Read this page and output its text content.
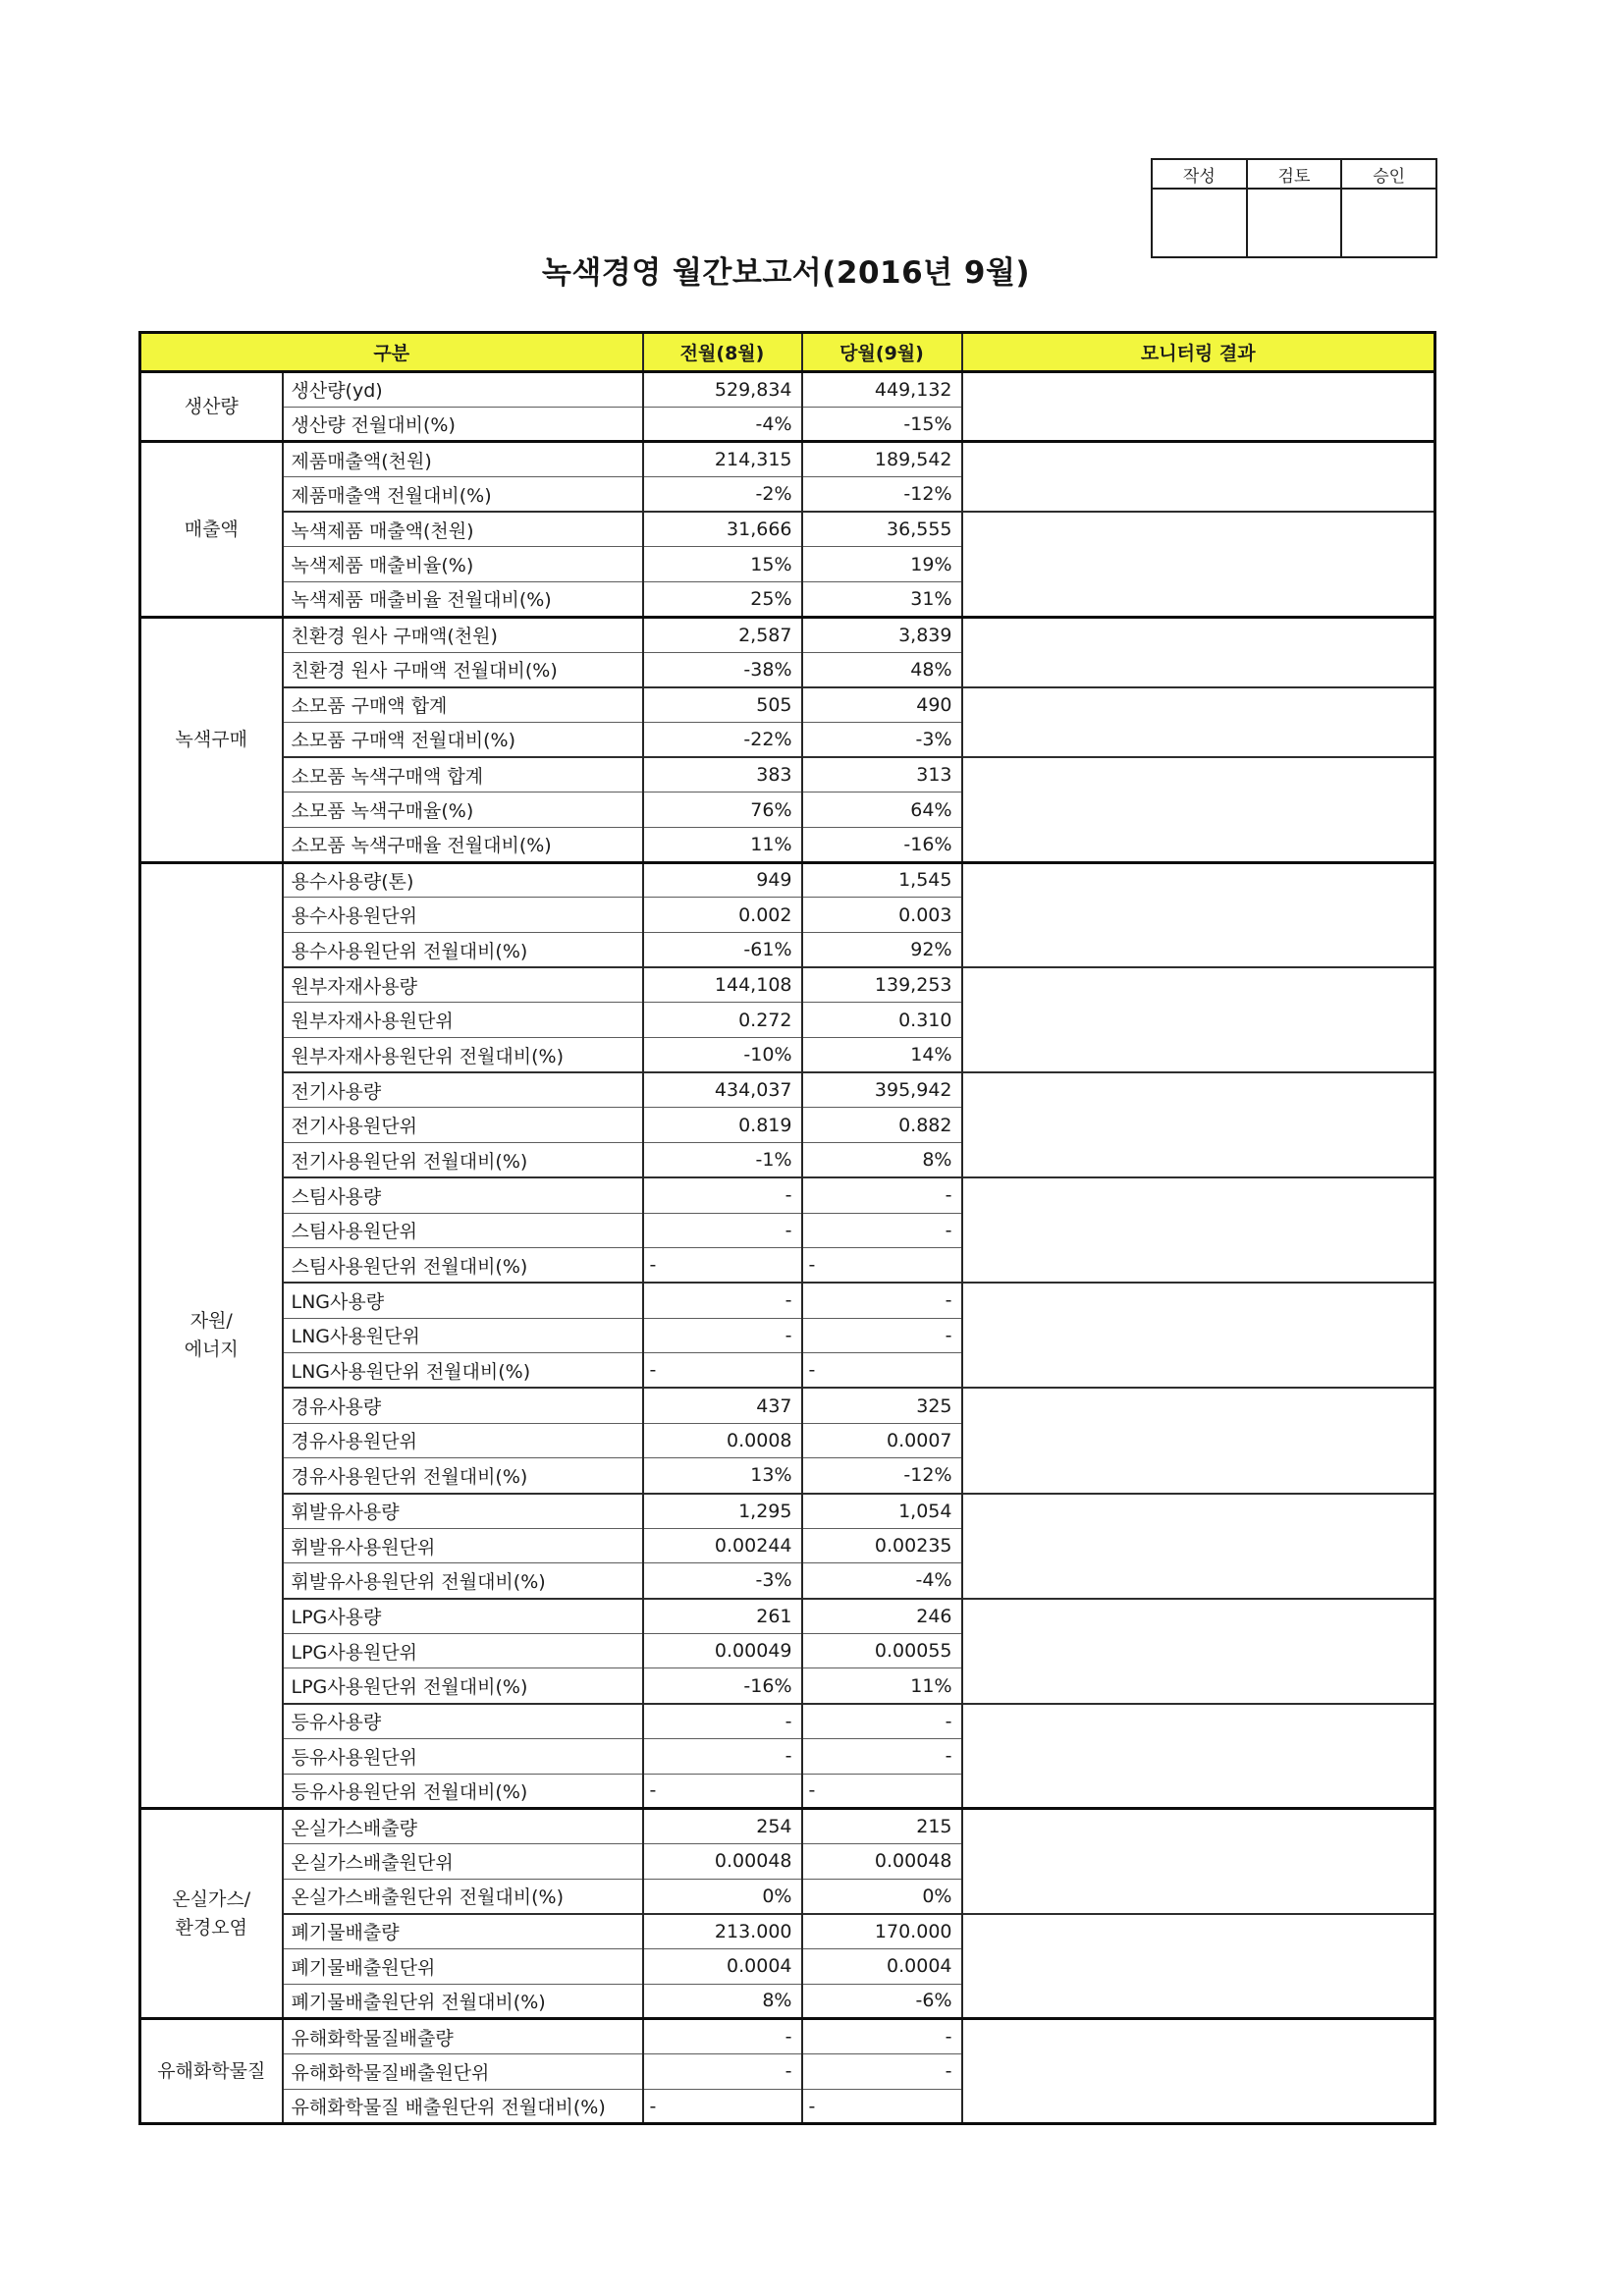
작성	검토	승인

녹색경영 월간보고서(2016년 9월)
구분		전월(8월)	당월(9월)	모니터링 결과
생산량	생산량(yd)	529,834	449,132	
	생산량 전월대비(%)	-4%	-15%	
매출액	제품매출액(천원)	214,315	189,542	
	제품매출액 전월대비(%)	-2%	-12%	
	녹색제품 매출액(천원)	31,666	36,555	
	녹색제품 매출비율(%)	15%	19%	
	녹색제품 매출비율 전월대비(%)	25%	31%	
녹색구매	친환경 원사 구매액(천원)	2,587	3,839	
	친환경 원사 구매액 전월대비(%)	-38%	48%	
	소모품 구매액 합계	505	490	
	소모품 구매액 전월대비(%)	-22%	-3%	
	소모품 녹색구매액 합계	383	313	
	소모품 녹색구매율(%)	76%	64%	
	소모품 녹색구매율 전월대비(%)	11%	-16%	
자원/
에너지	용수사용량(톤)	949	1,545	
	용수사용원단위	0.002	0.003	
	용수사용원단위 전월대비(%)	-61%	92%	
	원부자재사용량	144,108	139,253	
	원부자재사용원단위	0.272	0.310	
	원부자재사용원단위 전월대비(%)	-10%	14%	
	전기사용량	434,037	395,942	
	전기사용원단위	0.819	0.882	
	전기사용원단위 전월대비(%)	-1%	8%	
	스팀사용량	-	-	
	스팀사용원단위	-	-	
	스팀사용원단위 전월대비(%)	-	-	
	LNG사용량	-	-	
	LNG사용원단위	-	-	
	LNG사용원단위 전월대비(%)	-	-	
	경유사용량	437	325	
	경유사용원단위	0.0008	0.0007	
	경유사용원단위 전월대비(%)	13%	-12%	
	휘발유사용량	1,295	1,054	
	휘발유사용원단위	0.00244	0.00235	
	휘발유사용원단위 전월대비(%)	-3%	-4%	
	LPG사용량	261	246	
	LPG사용원단위	0.00049	0.00055	
	LPG사용원단위 전월대비(%)	-16%	11%	
	등유사용량	-	-	
	등유사용원단위	-	-	
	등유사용원단위 전월대비(%)	-	-	
온실가스/
환경오염	온실가스배출량	254	215	
	온실가스배출원단위	0.00048	0.00048	
	온실가스배출원단위 전월대비(%)	0%	0%	
	폐기물배출량	213.000	170.000	
	폐기물배출원단위	0.0004	0.0004	
	폐기물배출원단위 전월대비(%)	8%	-6%	
유해화학물질	유해화학물질배출량	-	-	
	유해화학물질배출원단위	-	-	
	유해화학물질 배출원단위 전월대비(%)	-	-	
